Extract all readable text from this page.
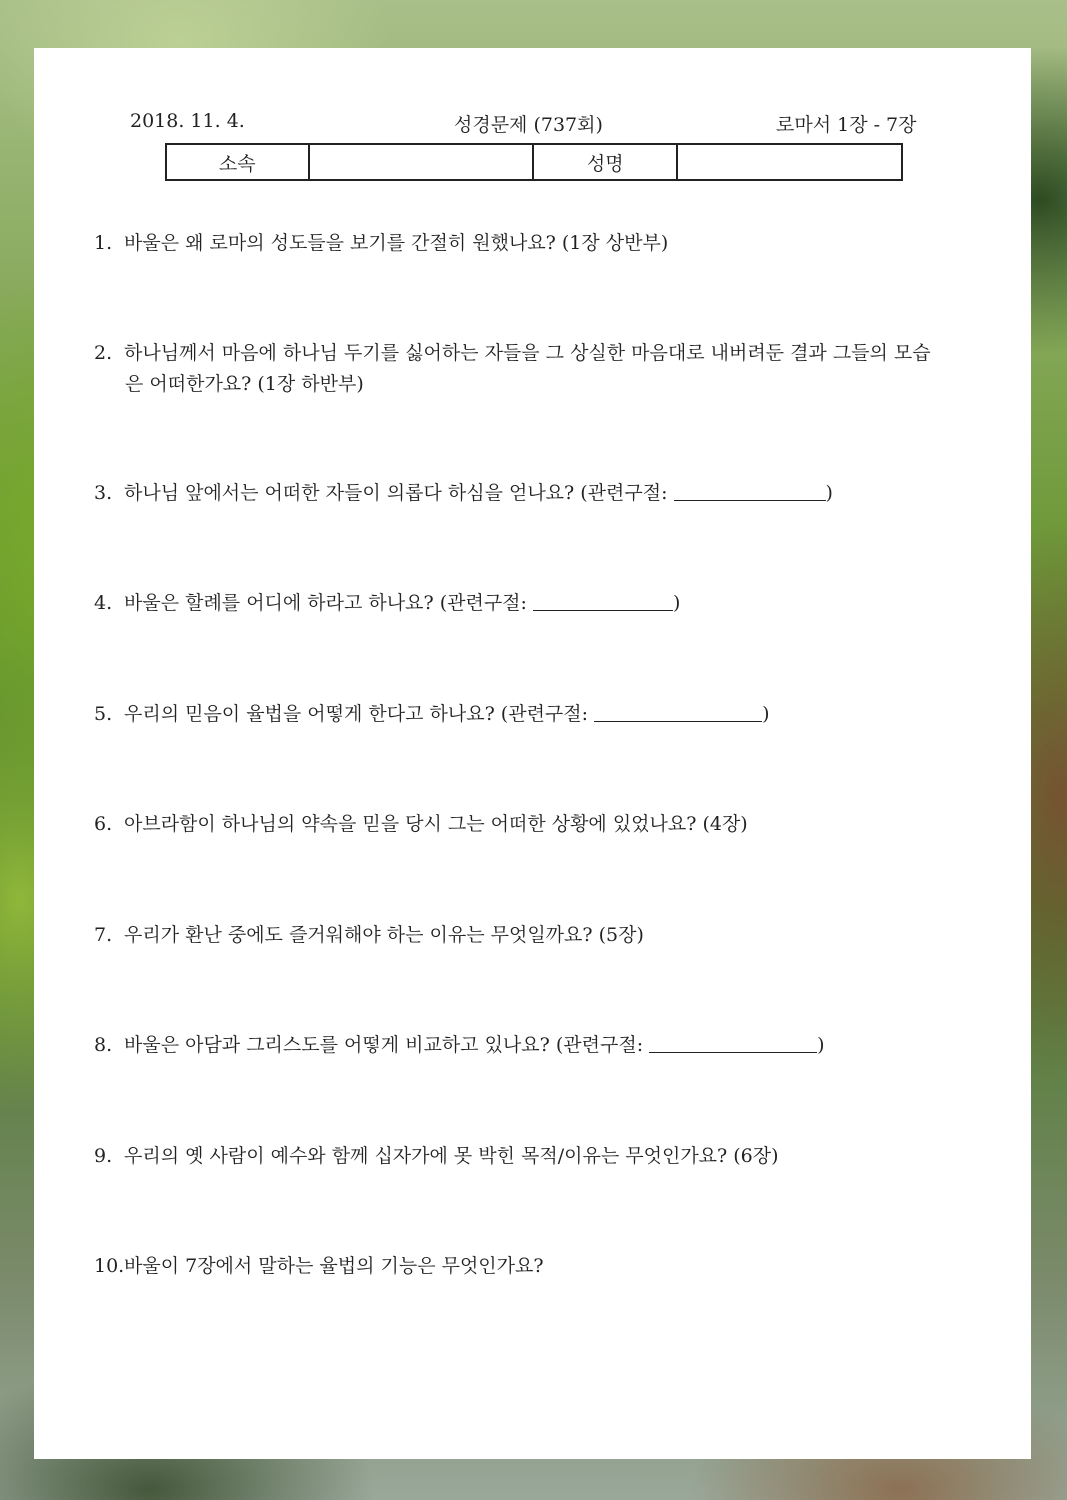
2018. 11. 4.	성경문제 (737회)	로마서 1장 - 7장
소속		성명	
1. 바울은 왜 로마의 성도들을 보기를 간절히 원했나요? (1장 상반부)
2. 하나님께서 마음에 하나님 두기를 싫어하는 자들을 그 상실한 마음대로 내버려둔 결과 그들의 모습
은 어떠한가요? (1장 하반부)
3. 하나님 앞에서는 어떠한 자들이 의롭다 하심을 얻나요? (관련구절:	)
4. 바울은 할례를 어디에 하라고 하나요? (관련구절:	)
5. 우리의 믿음이 율법을 어떻게 한다고 하나요? (관련구절:	)
6. 아브라함이 하나님의 약속을 믿을 당시 그는 어떠한 상황에 있었나요? (4장)
7. 우리가 환난 중에도 즐거워해야 하는 이유는 무엇일까요? (5장)
8. 바울은 아담과 그리스도를 어떻게 비교하고 있나요? (관련구절:	)
9. 우리의 옛 사람이 예수와 함께 십자가에 못 박힌 목적/이유는 무엇인가요? (6장)
10.바울이 7장에서 말하는 율법의 기능은 무엇인가요?
